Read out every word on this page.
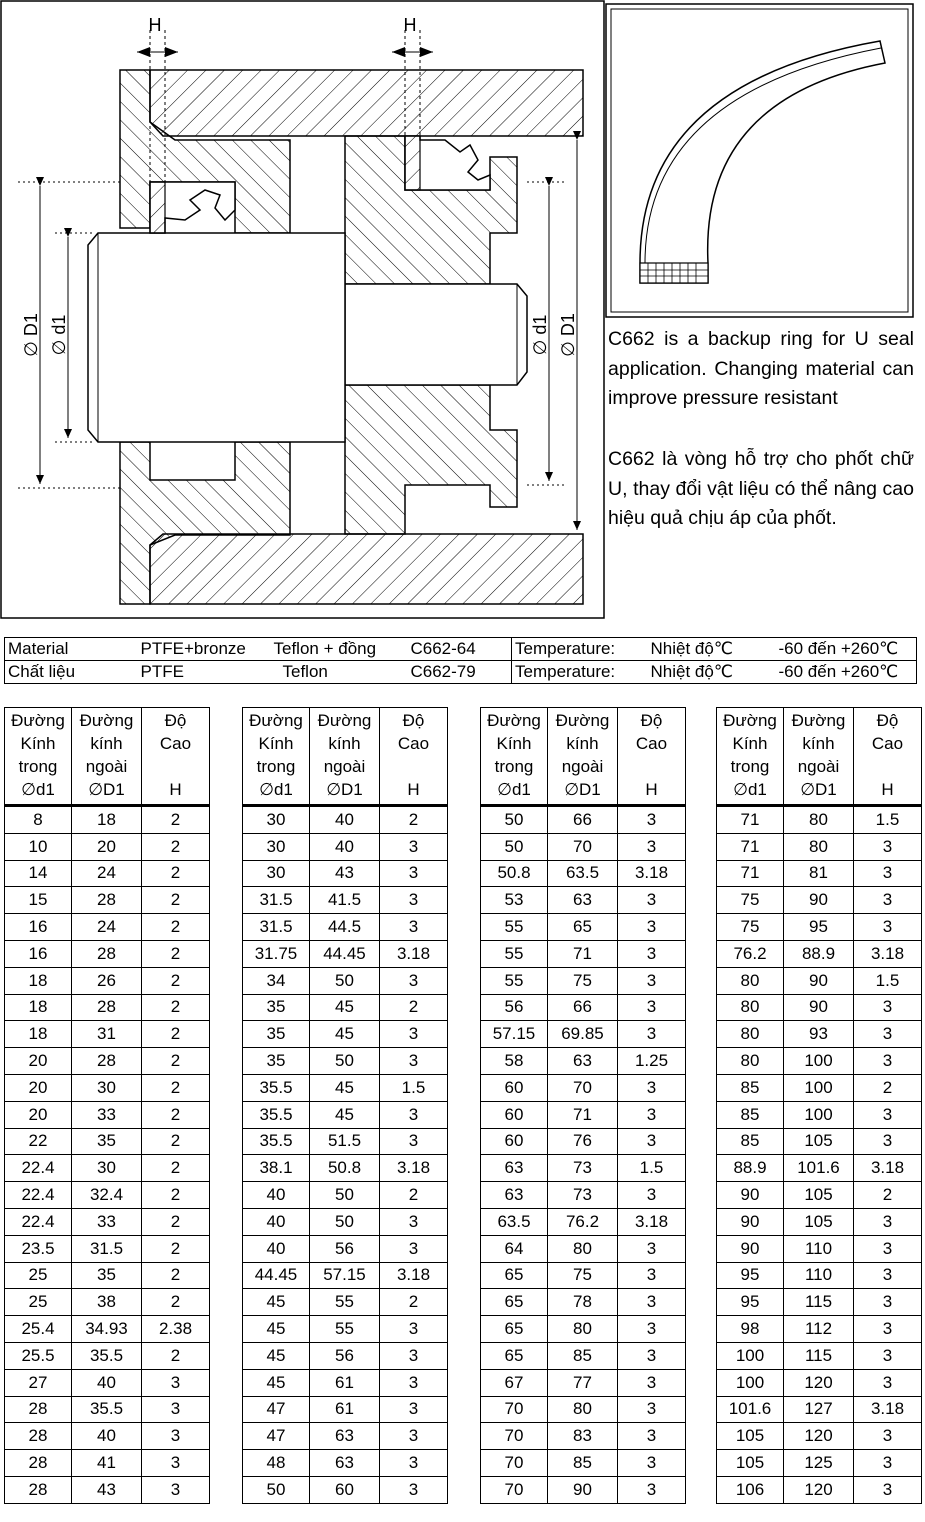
H	H
∅ D1 ∅ d1	∅ d1 ∅ D1 C662 is a backup ring for U seal application. Changing material can improve pressure resistant

C662 là vòng hỗ trợ cho phốt chữ U, thay đổi vật liệu có thể nâng cao hiệu quả chịu áp của phốt.

Material	PTFE+bronze	Teflon + đồng	C662-64	Temperature:	Nhiệt độ℃	-60 đến +260℃
Chất liệu	PTFE	Teflon	C662-79	Temperature:	Nhiệt độ℃	-60 đến +260℃
Đường
Kính
trong
∅d1	Đường
kính
ngoài
∅D1	Độ
Cao

H

8	18	2
10	20	2
14	24	2
15	28	2
16	24	2
16	28	2
18	26	2
18	28	2
18	31	2
20	28	2
20	30	2
20	33	2
22	35	2
22.4	30	2
22.4	32.4	2
22.4	33	2
23.5	31.5	2
25	35	2
25	38	2
25.4	34.93	2.38
25.5	35.5	2
27	40	3
28	35.5	3
28	40	3
28	41	3
28	43	3
Đường
Kính
trong
∅d1	Đường
kính
ngoài
∅D1	Độ
Cao

H

30	40	2
30	40	3
30	43	3
31.5	41.5	3
31.5	44.5	3
31.75	44.45	3.18
34	50	3
35	45	2
35	45	3
35	50	3
35.5	45	1.5
35.5	45	3
35.5	51.5	3
38.1	50.8	3.18
40	50	2
40	50	3
40	56	3
44.45	57.15	3.18
45	55	2
45	55	3
45	56	3
45	61	3
47	61	3
47	63	3
48	63	3
50	60	3
Đường
Kính
trong
∅d1	Đường
kính
ngoài
∅D1	Độ
Cao

H

50	66	3
50	70	3
50.8	63.5	3.18
53	63	3
55	65	3
55	71	3
55	75	3
56	66	3
57.15	69.85	3
58	63	1.25
60	70	3
60	71	3
60	76	3
63	73	1.5
63	73	3
63.5	76.2	3.18
64	80	3
65	75	3
65	78	3
65	80	3
65	85	3
67	77	3
70	80	3
70	83	3
70	85	3
70	90	3
Đường
Kính
trong
∅d1	Đường
kính
ngoài
∅D1	Độ
Cao

H

71	80	1.5
71	80	3
71	81	3
75	90	3
75	95	3
76.2	88.9	3.18
80	90	1.5
80	90	3
80	93	3
80	100	3
85	100	2
85	100	3
85	105	3
88.9	101.6	3.18
90	105	2
90	105	3
90	110	3
95	110	3
95	115	3
98	112	3
100	115	3
100	120	3
101.6	127	3.18
105	120	3
105	125	3
106	120	3
